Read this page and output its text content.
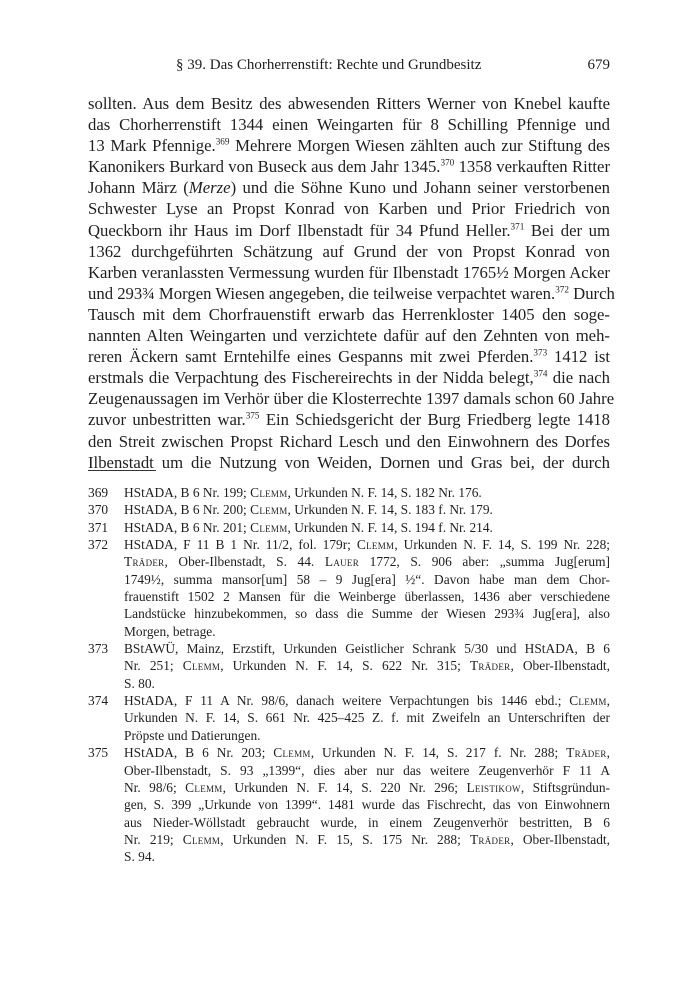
§ 39. Das Chorherrenstift: Rechte und Grundbesitz	679
sollten. Aus dem Besitz des abwesenden Ritters Werner von Knebel kaufte
das Chorherrenstift 1344 einen Weingarten für 8 Schilling Pfennige und
13 Mark Pfennige.$^{369}$ Mehrere Morgen Wiesen zählten auch zur Stiftung des
Kanonikers Burkard von Buseck aus dem Jahr 1345.$^{370}$ 1358 verkauften Ritter
Johann März (Merze) und die Söhne Kuno und Johann seiner verstorbenen
Schwester Lyse an Propst Konrad von Karben und Prior Friedrich von
Queckborn ihr Haus im Dorf Ilbenstadt für 34 Pfund Heller.$^{371}$ Bei der um
1362 durchgeführten Schätzung auf Grund der von Propst Konrad von
Karben veranlassten Vermessung wurden für Ilbenstadt 1765½ Morgen Acker
und 293¾ Morgen Wiesen angegeben, die teilweise verpachtet waren.$^{372}$ Durch
Tausch mit dem Chorfrauenstift erwarb das Herrenkloster 1405 den soge-
nannten Alten Weingarten und verzichtete dafür auf den Zehnten von meh-
reren Äckern samt Erntehilfe eines Gespanns mit zwei Pferden.$^{373}$ 1412 ist
erstmals die Verpachtung des Fischereirechts in der Nidda belegt,$^{374}$ die nach
Zeugenaussagen im Verhör über die Klosterrechte 1397 damals schon 60 Jahre
zuvor unbestritten war.$^{375}$ Ein Schiedsgericht der Burg Friedberg legte 1418
den Streit zwischen Propst Richard Lesch und den Einwohnern des Dorfes
Ilbenstadt um die Nutzung von Weiden, Dornen und Gras bei, der durch
369 HStADA, B 6 Nr. 199; Clemm, Urkunden N. F. 14, S. 182 Nr. 176.
370 HStADA, B 6 Nr. 200; Clemm, Urkunden N. F. 14, S. 183 f. Nr. 179.
371 HStADA, B 6 Nr. 201; Clemm, Urkunden N. F. 14, S. 194 f. Nr. 214.
372 HStADA, F 11 B 1 Nr. 11/2, fol. 179r; Clemm, Urkunden N. F. 14, S. 199 Nr. 228;
Träder, Ober-Ilbenstadt, S. 44. Lauer 1772, S. 906 aber: „summa Jug[erum]
1749½, summa mansor[um] 58 – 9 Jug[era] ½“. Davon habe man dem Chor-
frauenstift 1502 2 Mansen für die Weinberge überlassen, 1436 aber verschiedene
Landstücke hinzubekommen, so dass die Summe der Wiesen 293¾ Jug[era], also
Morgen, betrage.
373 BStAWÜ, Mainz, Erzstift, Urkunden Geistlicher Schrank 5/30 und HStADA, B 6
Nr. 251; Clemm, Urkunden N. F. 14, S. 622 Nr. 315; Träder, Ober-Ilbenstadt,
S. 80.
374 HStADA, F 11 A Nr. 98/6, danach weitere Verpachtungen bis 1446 ebd.; Clemm,
Urkunden N. F. 14, S. 661 Nr. 425–425 Z. f. mit Zweifeln an Unterschriften der
Pröpste und Datierungen.
375 HStADA, B 6 Nr. 203; Clemm, Urkunden N. F. 14, S. 217 f. Nr. 288; Träder,
Ober-Ilbenstadt, S. 93 „1399“, dies aber nur das weitere Zeugenverhör F 11 A
Nr. 98/6; Clemm, Urkunden N. F. 14, S. 220 Nr. 296; Leistikow, Stiftsgründun-
gen, S. 399 „Urkunde von 1399“. 1481 wurde das Fischrecht, das von Einwohnern
aus Nieder-Wöllstadt gebraucht wurde, in einem Zeugenverhör bestritten, B 6
Nr. 219; Clemm, Urkunden N. F. 15, S. 175 Nr. 288; Träder, Ober-Ilbenstadt,
S. 94.
